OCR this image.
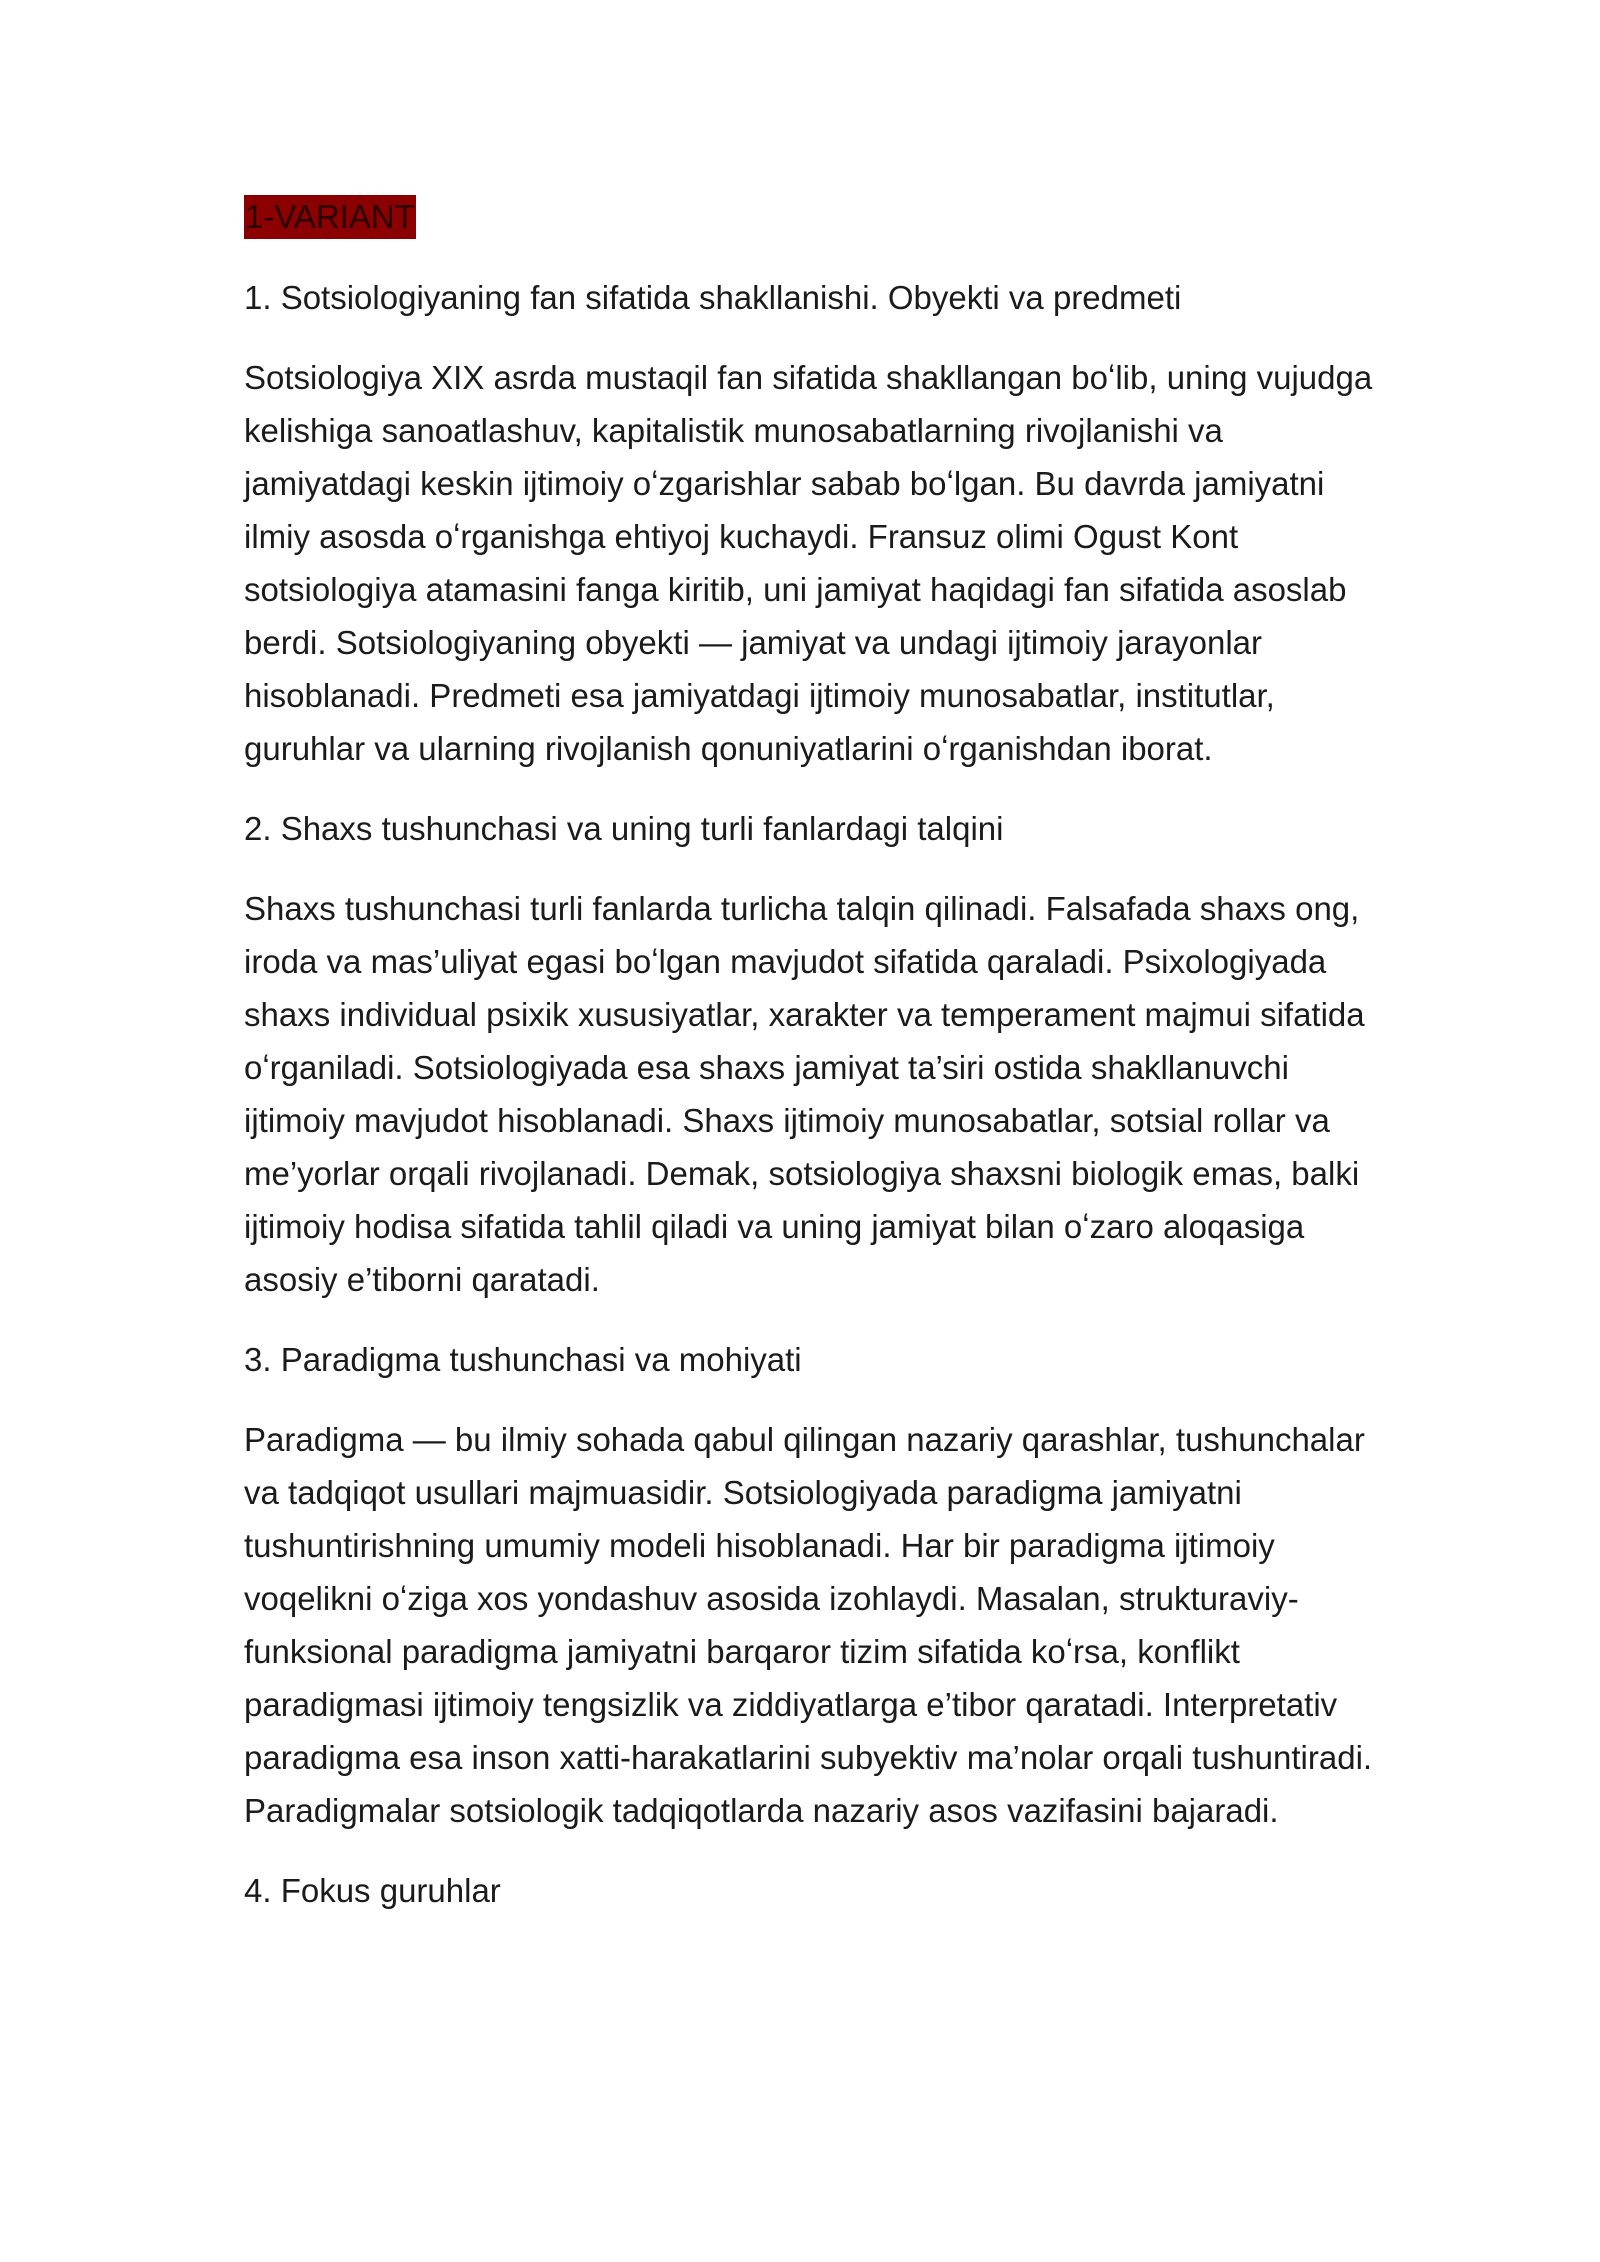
1-VARIANT
1. Sotsiologiyaning fan sifatida shakllanishi. Obyekti va predmeti
Sotsiologiya XIX asrda mustaqil fan sifatida shakllangan boʻlib, uning vujudga kelishiga sanoatlashuv, kapitalistik munosabatlarning rivojlanishi va jamiyatdagi keskin ijtimoiy oʻzgarishlar sabab boʻlgan. Bu davrda jamiyatni ilmiy asosda oʻrganishga ehtiyoj kuchaydi. Fransuz olimi Ogust Kont sotsiologiya atamasini fanga kiritib, uni jamiyat haqidagi fan sifatida asoslab berdi. Sotsiologiyaning obyekti — jamiyat va undagi ijtimoiy jarayonlar hisoblanadi. Predmeti esa jamiyatdagi ijtimoiy munosabatlar, institutlar, guruhlar va ularning rivojlanish qonuniyatlarini oʻrganishdan iborat.
2. Shaxs tushunchasi va uning turli fanlardagi talqini
Shaxs tushunchasi turli fanlarda turlicha talqin qilinadi. Falsafada shaxs ong, iroda va mas’uliyat egasi boʻlgan mavjudot sifatida qaraladi. Psixologiyada shaxs individual psixik xususiyatlar, xarakter va temperament majmui sifatida oʻrganiladi. Sotsiologiyada esa shaxs jamiyat ta’siri ostida shakllanuvchi ijtimoiy mavjudot hisoblanadi. Shaxs ijtimoiy munosabatlar, sotsial rollar va me’yorlar orqali rivojlanadi. Demak, sotsiologiya shaxsni biologik emas, balki ijtimoiy hodisa sifatida tahlil qiladi va uning jamiyat bilan oʻzaro aloqasiga asosiy e’tiborni qaratadi.
3. Paradigma tushunchasi va mohiyati
Paradigma — bu ilmiy sohada qabul qilingan nazariy qarashlar, tushunchalar va tadqiqot usullari majmuasidir. Sotsiologiyada paradigma jamiyatni tushuntirishning umumiy modeli hisoblanadi. Har bir paradigma ijtimoiy voqelikni oʻziga xos yondashuv asosida izohlaydi. Masalan, strukturaviy-funksional paradigma jamiyatni barqaror tizim sifatida koʻrsa, konflikt paradigmasi ijtimoiy tengsizlik va ziddiyatlarga e’tibor qaratadi. Interpretativ paradigma esa inson xatti-harakatlarini subyektiv ma’nolar orqali tushuntiradi. Paradigmalar sotsiologik tadqiqotlarda nazariy asos vazifasini bajaradi.
4. Fokus guruhlar
